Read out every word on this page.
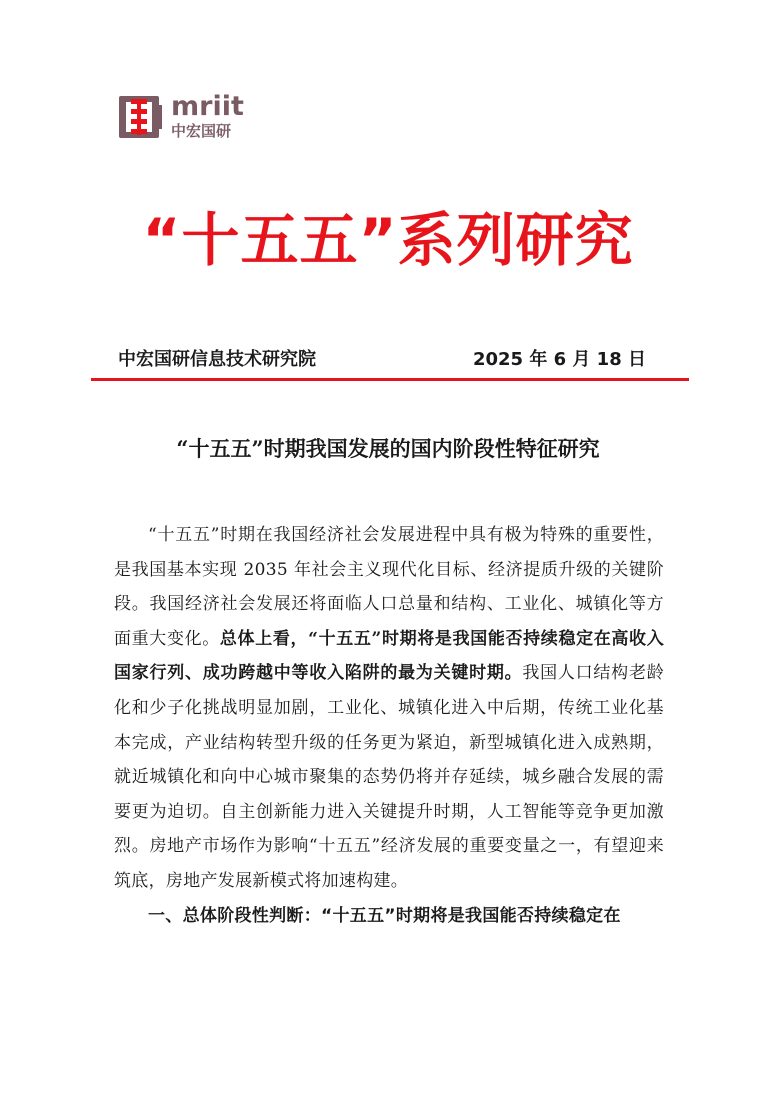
mriit
中宏国研
“十五五”系列研究
中宏国研信息技术研究院	2025 年 6 月 18 日
“十五五”时期我国发展的国内阶段性特征研究

“十五五”时期在我国经济社会发展进程中具有极为特殊的重要性，是我国基本实现 2035 年社会主义现代化目标、经济提质升级的关键阶段。我国经济社会发展还将面临人口总量和结构、工业化、城镇化等方面重大变化。总体上看，“十五五”时期将是我国能否持续稳定在高收入国家行列、成功跨越中等收入陷阱的最为关键时期。我国人口结构老龄化和少子化挑战明显加剧，工业化、城镇化进入中后期，传统工业化基本完成，产业结构转型升级的任务更为紧迫，新型城镇化进入成熟期，就近城镇化和向中心城市聚集的态势仍将并存延续，城乡融合发展的需要更为迫切。自主创新能力进入关键提升时期，人工智能等竞争更加激烈。房地产市场作为影响“十五五”经济发展的重要变量之一，有望迎来筑底，房地产发展新模式将加速构建。

一、总体阶段性判断：“十五五”时期将是我国能否持续稳定在
